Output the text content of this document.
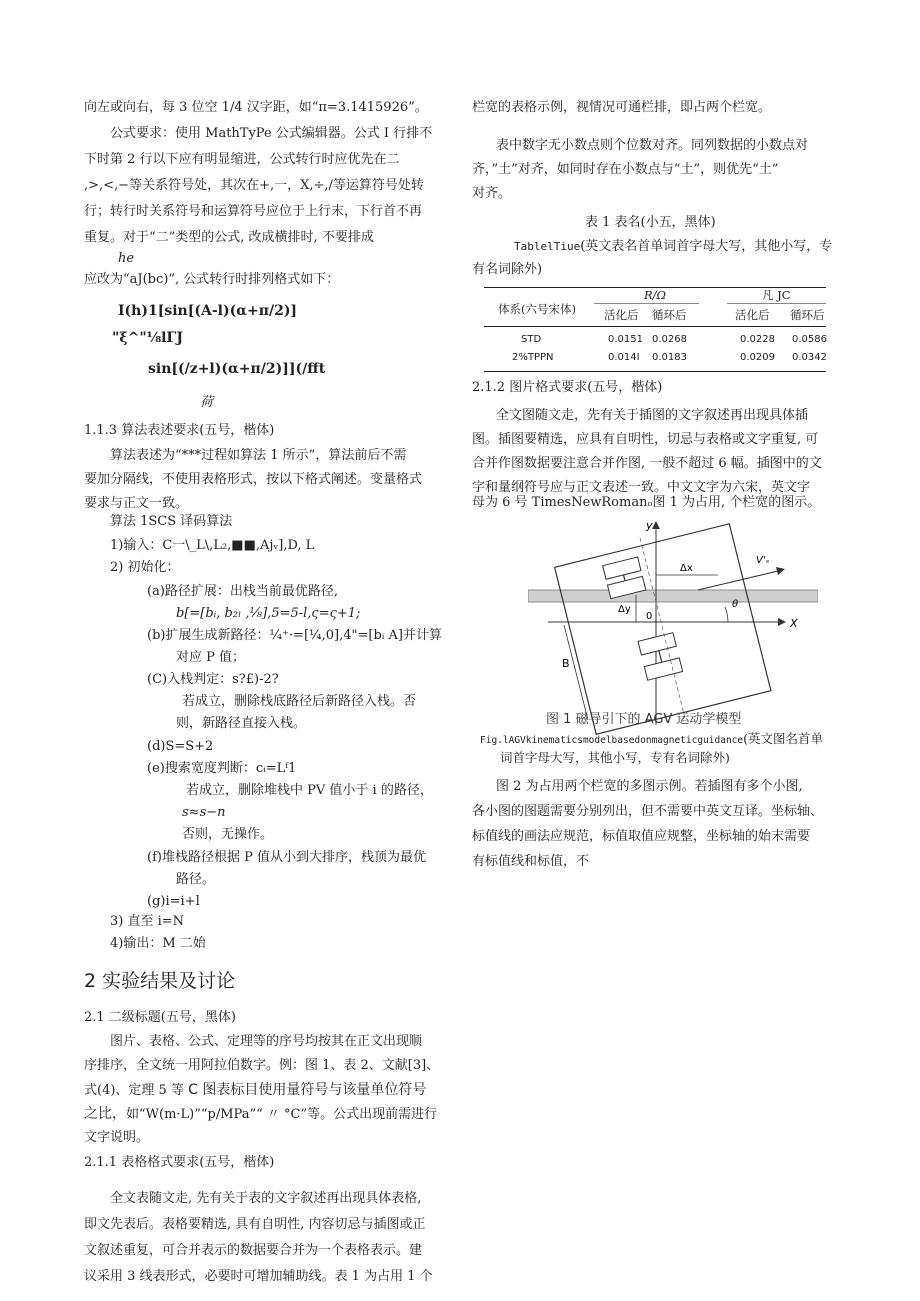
向左或向右，每 3 位空 1/4 汉字距，如“π=3.1415926”。
公式要求：使用 MathTyPe 公式编辑器。公式 I 行排不
下时第 2 行以下应有明显缩进，公式转行时应优先在二
,>,<,−等关系符号处，其次在+,一，X,÷,/等运算符号处转
行；转行时关系符号和运算符号应位于上行末，下行首不再
重复。对于“二”类型的公式, 改成横排时, 不要排成
he
应改为“aJ(bc)”, 公式转行时排列格式如下：
I(h)1[sin[(A-l)(α+π/2)]
"ξ^"⅛lΓJ
sin[(/z+l)(α+π/2)]](∕fft
荷
1.1.3 算法表述要求(五号，楷体)
算法表述为“***过程如算法 1 所示”，算法前后不需
要加分隔线，不使用表格形式，按以下格式阐述。变量格式
要求与正文一致。
算法 1SCS 译码算法
1)输入：C一\_L\,L₂,■■,Ajᵥ],D, L
2) 初始化：
(a)路径扩展：出栈当前最优路径,
b[=[bᵢ, b₂ₗ ,⅛],5=5-l,ς=ς+1;
(b)扩展生成新路径：¼⁺·=[¼,0],4"=[bᵢ A]并计算
对应 P 值；
(C)入栈判定：s?£)-2?
若成立，删除栈底路径后新路径入栈。否
则，新路径直接入栈。
(d)S=S+2
(e)搜索宽度判断：cᵢ=Lᶠ1
若成立，删除堆栈中 PV 值小于 i 的路径，
s≈s−n
否则，无操作。
(f)堆栈路径根据 P 值从小到大排序，栈顶为最优
路径。
(g)i=i+l
3) 直至 i=N
4)输出：M 二始
2 实验结果及讨论
2.1 二级标题(五号，黑体)
图片、表格、公式、定理等的序号均按其在正文出现顺
序排序，全文统一用阿拉伯数字。例：图 1、表 2、文献[3]、
式(4)、定理 5 等 C 图表标目使用量符号与该量单位符号
之比，如“W(m·L)”“p/MPa”“ 〃 °C”等。公式出现前需进行
文字说明。
2.1.1 表格格式要求(五号，楷体)
全文表随文走, 先有关于表的文字叙述再出现具体表格,
即文先表后。表格要精选, 具有自明性, 内容切忌与插图或正
文叙述重复，可合并表示的数据要合并为一个表格表示。建
议采用 3 线表形式，必要时可增加辅助线。表 1 为占用 1 个
栏宽的表格示例，视情况可通栏排，即占两个栏宽。
表中数字无小数点则个位数对齐。同列数据的小数点对
齐，”土”对齐，如同时存在小数点与“土”，则优先“土”
对齐。
表 1 表名(小五，黑体)
TablelTiue(英文表名首单词首字母大写，其他小写，专
有名词除外)
体系(六号宋体)
R∕Ω	凡 JC
活化后 循环后	活化后 循环后
STD	0.0151 0.0268	0.0228 0.0586
2%TPPN	0.014I 0.0183	0.0209 0.0342
2.1.2 图片格式要求(五号，楷体)
全文图随文走，先有关于插图的文字叙述再出现具体插
图。插图要精选，应具有自明性，切忌与表格或文字重复, 可
合并作图数据要注意合并作图, 一般不超过 6 幅。插图中的文
字和量纲符号应与正文表述一致。中文文字为六宋，英文字
母为 6 号 TimesNewRomanₒ图 1 为占用, 个栏宽的图示。
y
X
Δx
Δy
V'ₛ
θ
0
B
图 1 磁导引下的 AGV 运动学模型
Fig.lAGVkinematicsmodelbasedonmagneticguidance(英文图名首单
词首字母大写，其他小写，专有名词除外)
图 2 为占用两个栏宽的多图示例。若插图有多个小图,
各小图的图题需要分别列出，但不需要中英文互译。坐标轴、
标值线的画法应规范，标值取值应规整，坐标轴的始末需要
有标值线和标值，不
